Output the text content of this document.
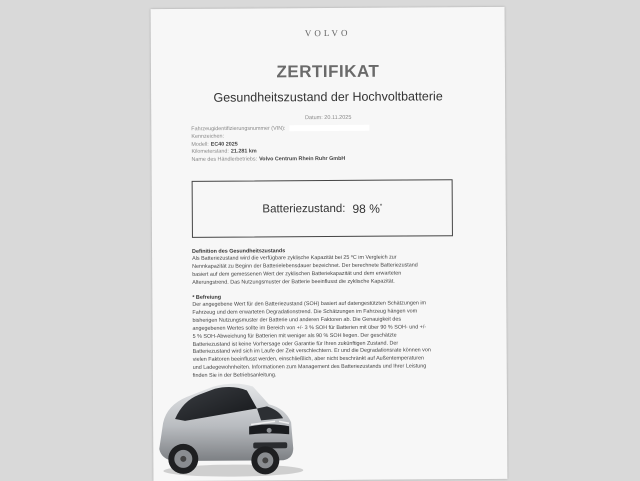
VOLVO
ZERTIFIKAT
Gesundheitszustand der Hochvoltbatterie
Datum: 20.11.2025
Fahrzeugidentifizierungsnummer (VIN):
Kennzeichen:
Modell: EC40 2025
Kilometerstand: 21.281 km
Name des Händlerbetriebs: Volvo Centrum Rhein Ruhr GmbH
Batteriezustand: 98 %*
Definition des Gesundheitszustands
Als Batteriezustand wird die verfügbare zyklische Kapazität bei 25 ºC im Vergleich zur
Nennkapazität zu Beginn der Batterielebensdauer bezeichnet. Der berechnete Batteriezustand
basiert auf dem gemessenen Wert der zyklischen Batteriekapazität und dem erwarteten
Alterungstrend. Das Nutzungsmuster der Batterie beeinflusst die zyklische Kapazität.
* Befreiung
Der angegebene Wert für den Batteriezustand (SOH) basiert auf datengestützten Schätzungen im
Fahrzeug und dem erwarteten Degradationstrend. Die Schätzungen im Fahrzeug hängen vom
bisherigen Nutzungsmuster der Batterie und anderen Faktoren ab. Die Genauigkeit des
angegebenen Wertes sollte im Bereich von +/- 3 % SOH für Batterien mit über 90 % SOH- und +/-
5 % SOH-Abweichung für Batterien mit weniger als 90 % SOH liegen. Der geschätzte
Batteriezustand ist keine Vorhersage oder Garantie für Ihren zukünftigen Zustand. Der
Batteriezustand wird sich im Laufe der Zeit verschlechtern. Er und die Degradationsrate können von
vielen Faktoren beeinflusst werden, einschließlich, aber nicht beschränkt auf Außentemperaturen
und Ladegewohnheiten. Informationen zum Management des Batteriezustands und Ihrer Leistung
finden Sie in der Betriebsanleitung.
